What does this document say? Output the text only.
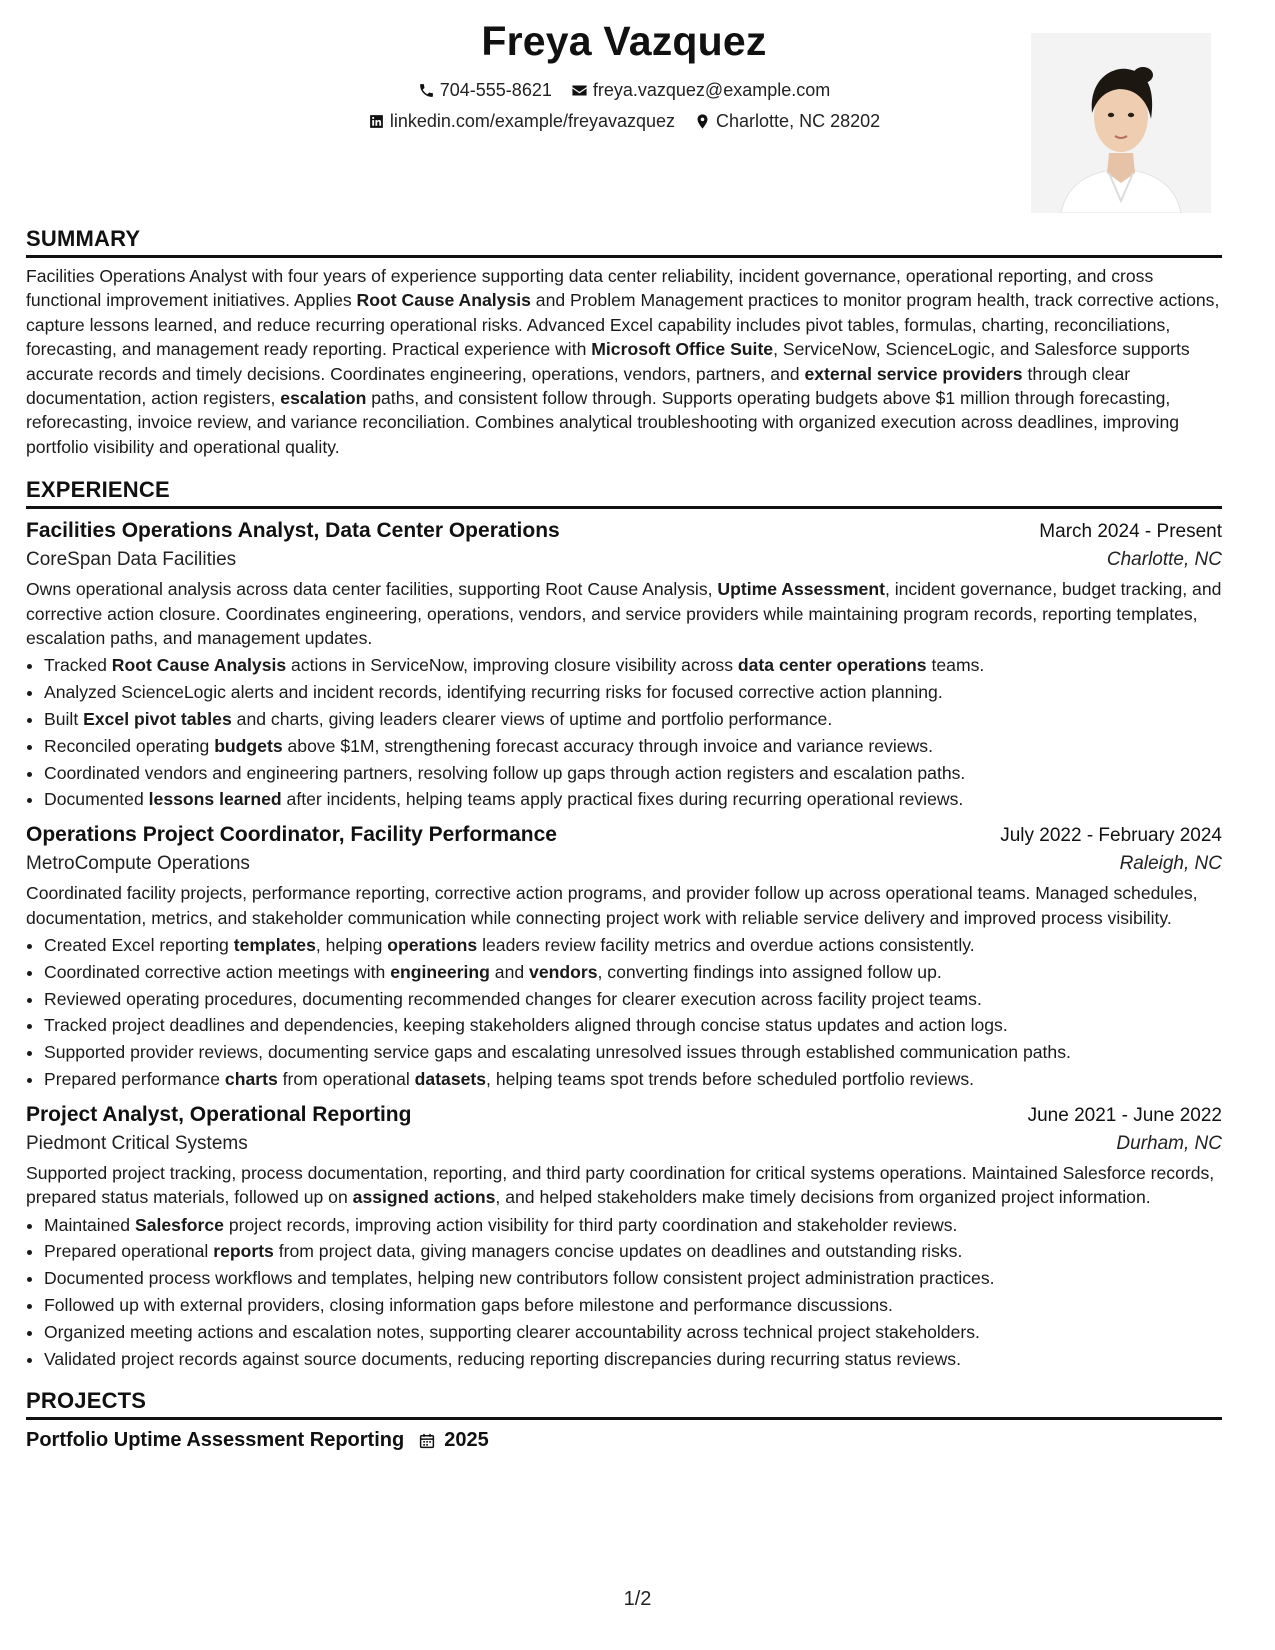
Freya Vazquez
704-555-8621
freya.vazquez@example.com
linkedin.com/example/freyavazquez
Charlotte, NC 28202
SUMMARY

Facilities Operations Analyst with four years of experience supporting data center reliability, incident governance, operational reporting, and cross functional improvement initiatives. Applies Root Cause Analysis and Problem Management practices to monitor program health, track corrective actions, capture lessons learned, and reduce recurring operational risks. Advanced Excel capability includes pivot tables, formulas, charting, reconciliations, forecasting, and management ready reporting. Practical experience with Microsoft Office Suite, ServiceNow, ScienceLogic, and Salesforce supports accurate records and timely decisions. Coordinates engineering, operations, vendors, partners, and external service providers through clear documentation, action registers, escalation paths, and consistent follow through. Supports operating budgets above $1 million through forecasting, reforecasting, invoice review, and variance reconciliation. Combines analytical troubleshooting with organized execution across deadlines, improving portfolio visibility and operational quality.

EXPERIENCE
Facilities Operations Analyst, Data Center Operations	March 2024 - Present
CoreSpan Data Facilities	Charlotte, NC

Owns operational analysis across data center facilities, supporting Root Cause Analysis, Uptime Assessment, incident governance, budget tracking, and corrective action closure. Coordinates engineering, operations, vendors, and service providers while maintaining program records, reporting templates, escalation paths, and management updates.

• Tracked Root Cause Analysis actions in ServiceNow, improving closure visibility across data center operations teams.
• Analyzed ScienceLogic alerts and incident records, identifying recurring risks for focused corrective action planning.
• Built Excel pivot tables and charts, giving leaders clearer views of uptime and portfolio performance.
• Reconciled operating budgets above $1M, strengthening forecast accuracy through invoice and variance reviews.
• Coordinated vendors and engineering partners, resolving follow up gaps through action registers and escalation paths.
• Documented lessons learned after incidents, helping teams apply practical fixes during recurring operational reviews.
Operations Project Coordinator, Facility Performance	July 2022 - February 2024
MetroCompute Operations	Raleigh, NC

Coordinated facility projects, performance reporting, corrective action programs, and provider follow up across operational teams. Managed schedules, documentation, metrics, and stakeholder communication while connecting project work with reliable service delivery and improved process visibility.

• Created Excel reporting templates, helping operations leaders review facility metrics and overdue actions consistently.
• Coordinated corrective action meetings with engineering and vendors, converting findings into assigned follow up.
• Reviewed operating procedures, documenting recommended changes for clearer execution across facility project teams.
• Tracked project deadlines and dependencies, keeping stakeholders aligned through concise status updates and action logs.
• Supported provider reviews, documenting service gaps and escalating unresolved issues through established communication paths.
• Prepared performance charts from operational datasets, helping teams spot trends before scheduled portfolio reviews.
Project Analyst, Operational Reporting	June 2021 - June 2022
Piedmont Critical Systems	Durham, NC

Supported project tracking, process documentation, reporting, and third party coordination for critical systems operations. Maintained Salesforce records, prepared status materials, followed up on assigned actions, and helped stakeholders make timely decisions from organized project information.

• Maintained Salesforce project records, improving action visibility for third party coordination and stakeholder reviews.
• Prepared operational reports from project data, giving managers concise updates on deadlines and outstanding risks.
• Documented process workflows and templates, helping new contributors follow consistent project administration practices.
• Followed up with external providers, closing information gaps before milestone and performance discussions.
• Organized meeting actions and escalation notes, supporting clearer accountability across technical project stakeholders.
• Validated project records against source documents, reducing reporting discrepancies during recurring status reviews.
PROJECTS
Portfolio Uptime Assessment Reporting 2025
1/2
